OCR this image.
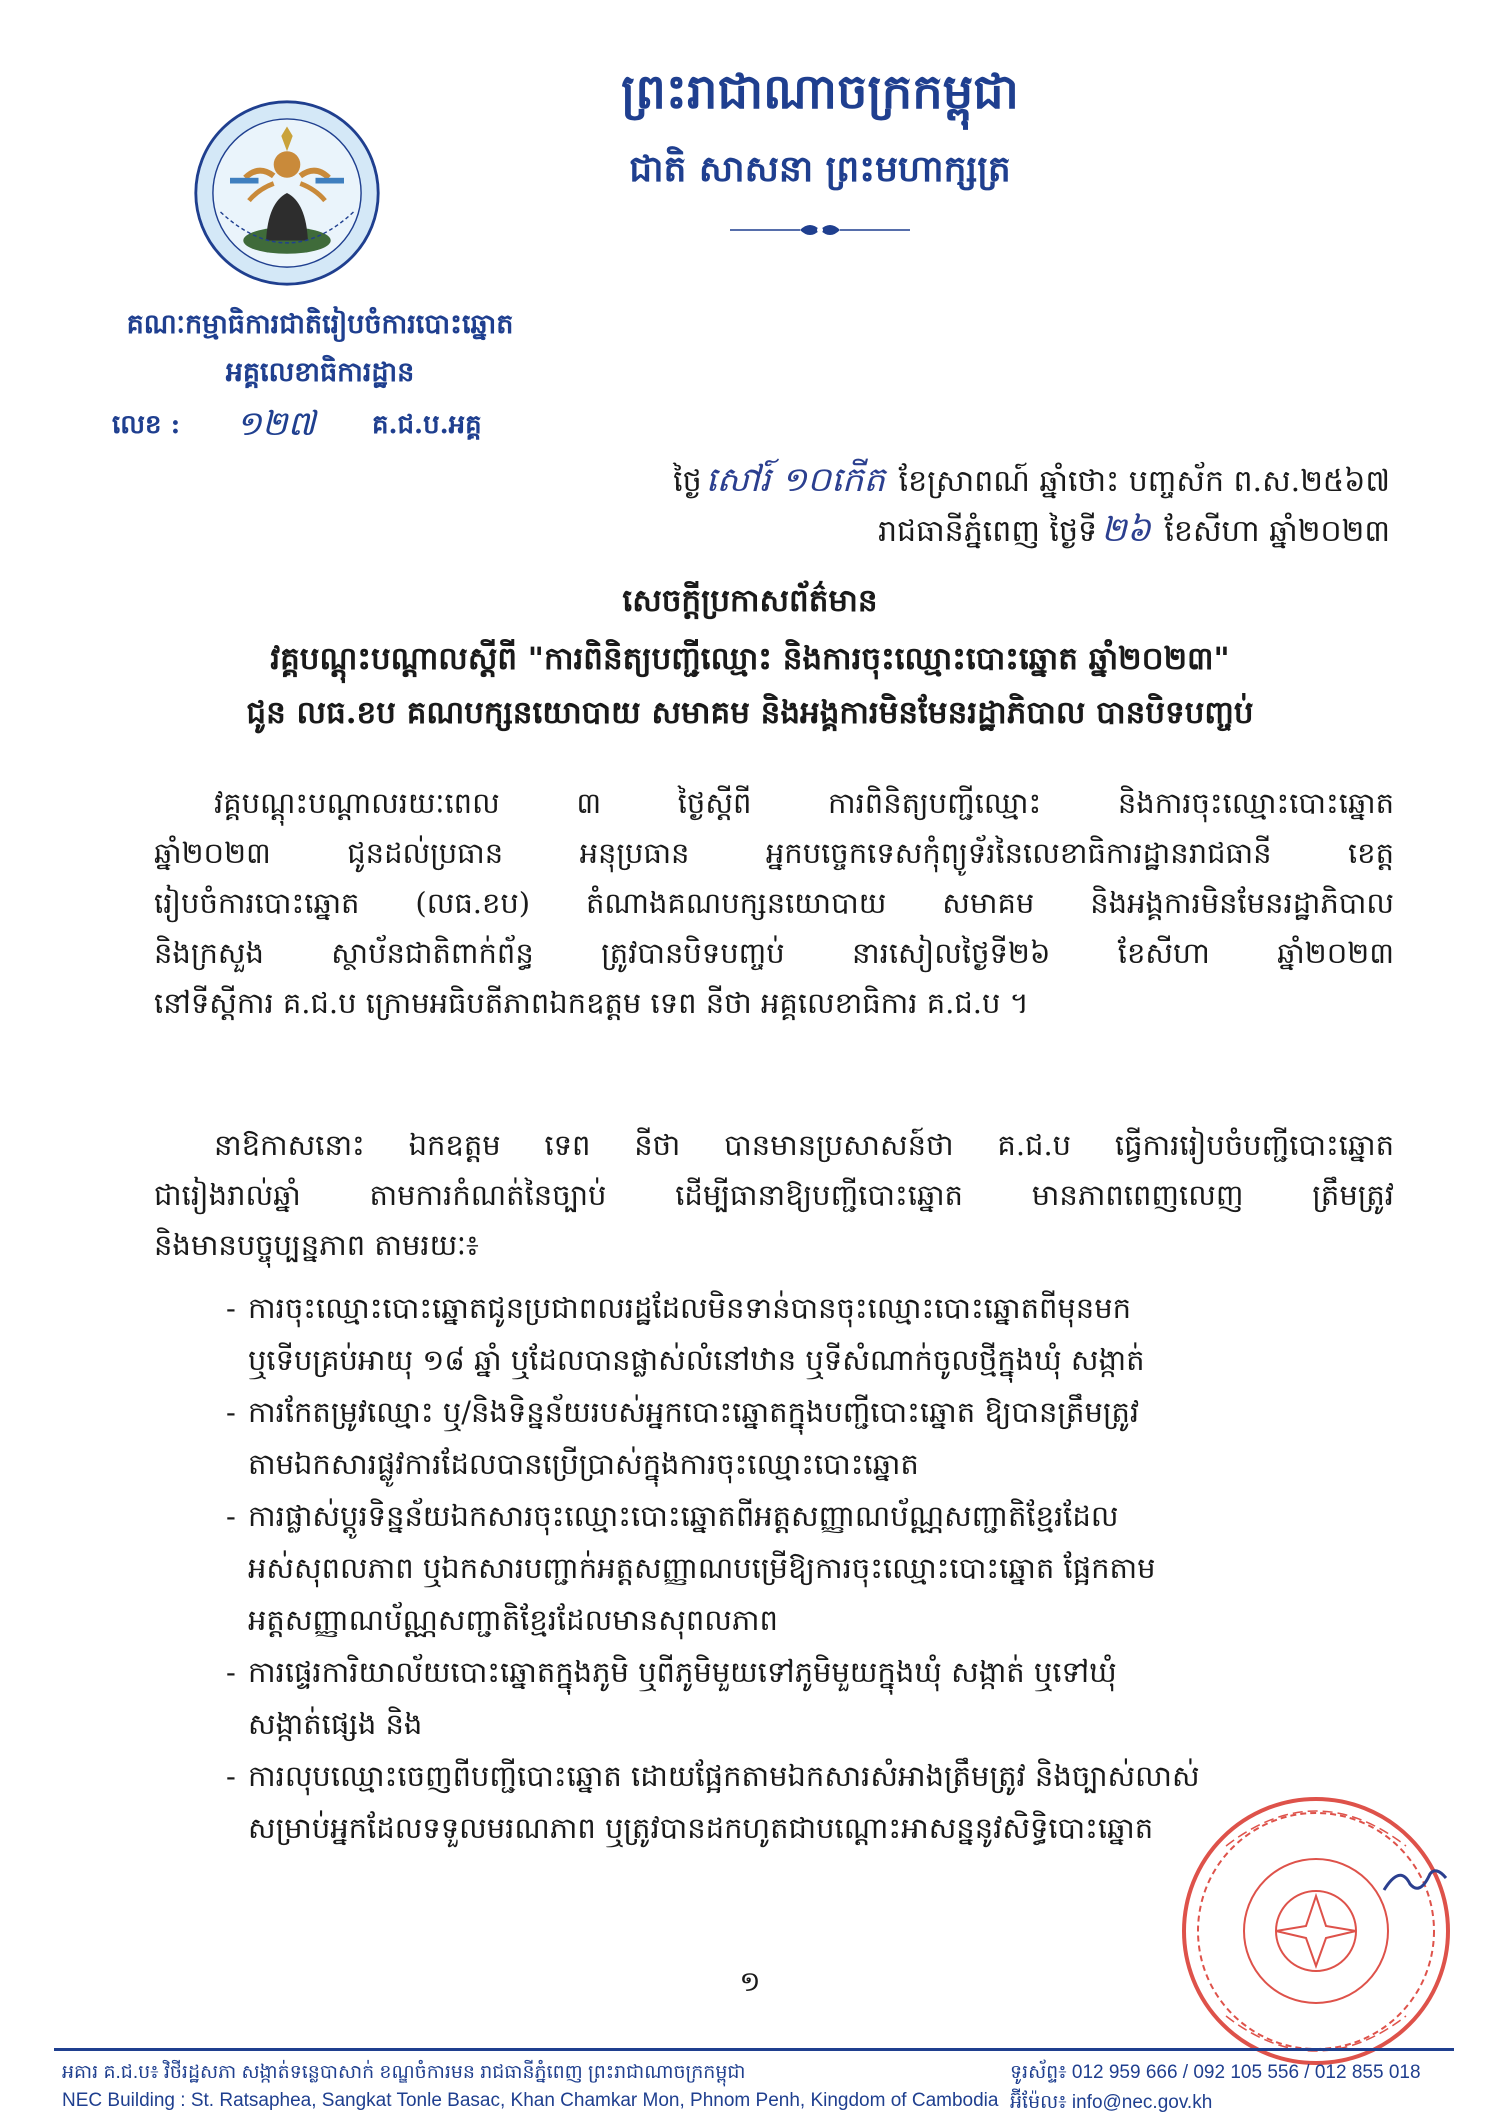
ព្រះរាជាណាចក្រកម្ពុជា
ជាតិ សាសនា ព្រះមហាក្សត្រ
គណៈកម្មាធិការជាតិរៀបចំការបោះឆ្នោត
អគ្គលេខាធិការដ្ឋាន
លេខ : ១២៧ គ.ជ.ប.អគ្គ
ថ្ងៃ សៅរ៍ ១០កើត ខែស្រាពណ៍ ឆ្នាំថោះ បញ្ចស័ក ព.ស.២៥៦៧
រាជធានីភ្នំពេញ ថ្ងៃទី ២៦ ខែសីហា ឆ្នាំ២០២៣
សេចក្តីប្រកាសព័ត៌មាន
វគ្គបណ្តុះបណ្តាលស្តីពី "ការពិនិត្យបញ្ជីឈ្មោះ និងការចុះឈ្មោះបោះឆ្នោត ឆ្នាំ២០២៣"
ជូន លធ.ខប គណបក្សនយោបាយ សមាគម និងអង្គការមិនមែនរដ្ឋាភិបាល បានបិទបញ្ចប់
វគ្គបណ្តុះបណ្តាលរយៈពេល ៣ ថ្ងៃស្តីពី ការពិនិត្យបញ្ជីឈ្មោះ និងការចុះឈ្មោះបោះឆ្នោត
ឆ្នាំ២០២៣ ជូនដល់ប្រធាន អនុប្រធាន អ្នកបច្ចេកទេសកុំព្យូទ័រនៃលេខាធិការដ្ឋានរាជធានី ខេត្ត
រៀបចំការបោះឆ្នោត (លធ.ខប) តំណាងគណបក្សនយោបាយ សមាគម និងអង្គការមិនមែនរដ្ឋាភិបាល
និងក្រសួង ស្ថាប័នជាតិពាក់ព័ន្ធ ត្រូវបានបិទបញ្ចប់ នារសៀលថ្ងៃទី២៦ ខែសីហា ឆ្នាំ២០២៣
នៅទីស្តីការ គ.ជ.ប ក្រោមអធិបតីភាពឯកឧត្តម ទេព នីថា អគ្គលេខាធិការ គ.ជ.ប ។
នាឱកាសនោះ ឯកឧត្តម ទេព នីថា បានមានប្រសាសន៍ថា គ.ជ.ប ធ្វើការរៀបចំបញ្ជីបោះឆ្នោត
ជារៀងរាល់ឆ្នាំ តាមការកំណត់នៃច្បាប់ ដើម្បីធានាឱ្យបញ្ជីបោះឆ្នោត មានភាពពេញលេញ ត្រឹមត្រូវ
និងមានបច្ចុប្បន្នភាព តាមរយៈ៖
- ការចុះឈ្មោះបោះឆ្នោតជូនប្រជាពលរដ្ឋដែលមិនទាន់បានចុះឈ្មោះបោះឆ្នោតពីមុនមក
ឬទើបគ្រប់អាយុ ១៨ ឆ្នាំ ឬដែលបានផ្លាស់លំនៅឋាន ឬទីសំណាក់ចូលថ្មីក្នុងឃុំ សង្កាត់
- ការកែតម្រូវឈ្មោះ ឬ/និងទិន្នន័យរបស់អ្នកបោះឆ្នោតក្នុងបញ្ជីបោះឆ្នោត ឱ្យបានត្រឹមត្រូវ
តាមឯកសារផ្លូវការដែលបានប្រើប្រាស់ក្នុងការចុះឈ្មោះបោះឆ្នោត
- ការផ្លាស់ប្តូរទិន្នន័យឯកសារចុះឈ្មោះបោះឆ្នោតពីអត្តសញ្ញាណប័ណ្ណសញ្ជាតិខ្មែរដែល
អស់សុពលភាព ឬឯកសារបញ្ជាក់អត្តសញ្ញាណបម្រើឱ្យការចុះឈ្មោះបោះឆ្នោត ផ្អែកតាម
អត្តសញ្ញាណប័ណ្ណសញ្ជាតិខ្មែរដែលមានសុពលភាព
- ការផ្ទេរការិយាល័យបោះឆ្នោតក្នុងភូមិ ឬពីភូមិមួយទៅភូមិមួយក្នុងឃុំ សង្កាត់ ឬទៅឃុំ
សង្កាត់ផ្សេង និង
- ការលុបឈ្មោះចេញពីបញ្ជីបោះឆ្នោត ដោយផ្អែកតាមឯកសារសំអាងត្រឹមត្រូវ និងច្បាស់លាស់
សម្រាប់អ្នកដែលទទួលមរណភាព ឬត្រូវបានដកហូតជាបណ្តោះអាសន្ននូវសិទ្ធិបោះឆ្នោត
១
អគារ គ.ជ.ប៖ វិថីរដ្ឋសភា សង្កាត់ទន្លេបាសាក់ ខណ្ឌចំការមន រាជធានីភ្នំពេញ ព្រះរាជាណាចក្រកម្ពុជា
NEC Building : St. Ratsaphea, Sangkat Tonle Basac, Khan Chamkar Mon, Phnom Penh, Kingdom of Cambodia
ទូរស័ព្ទ៖ 012 959 666 / 092 105 556 / 012 855 018
អ៊ីម៉ែល៖ info@nec.gov.kh
